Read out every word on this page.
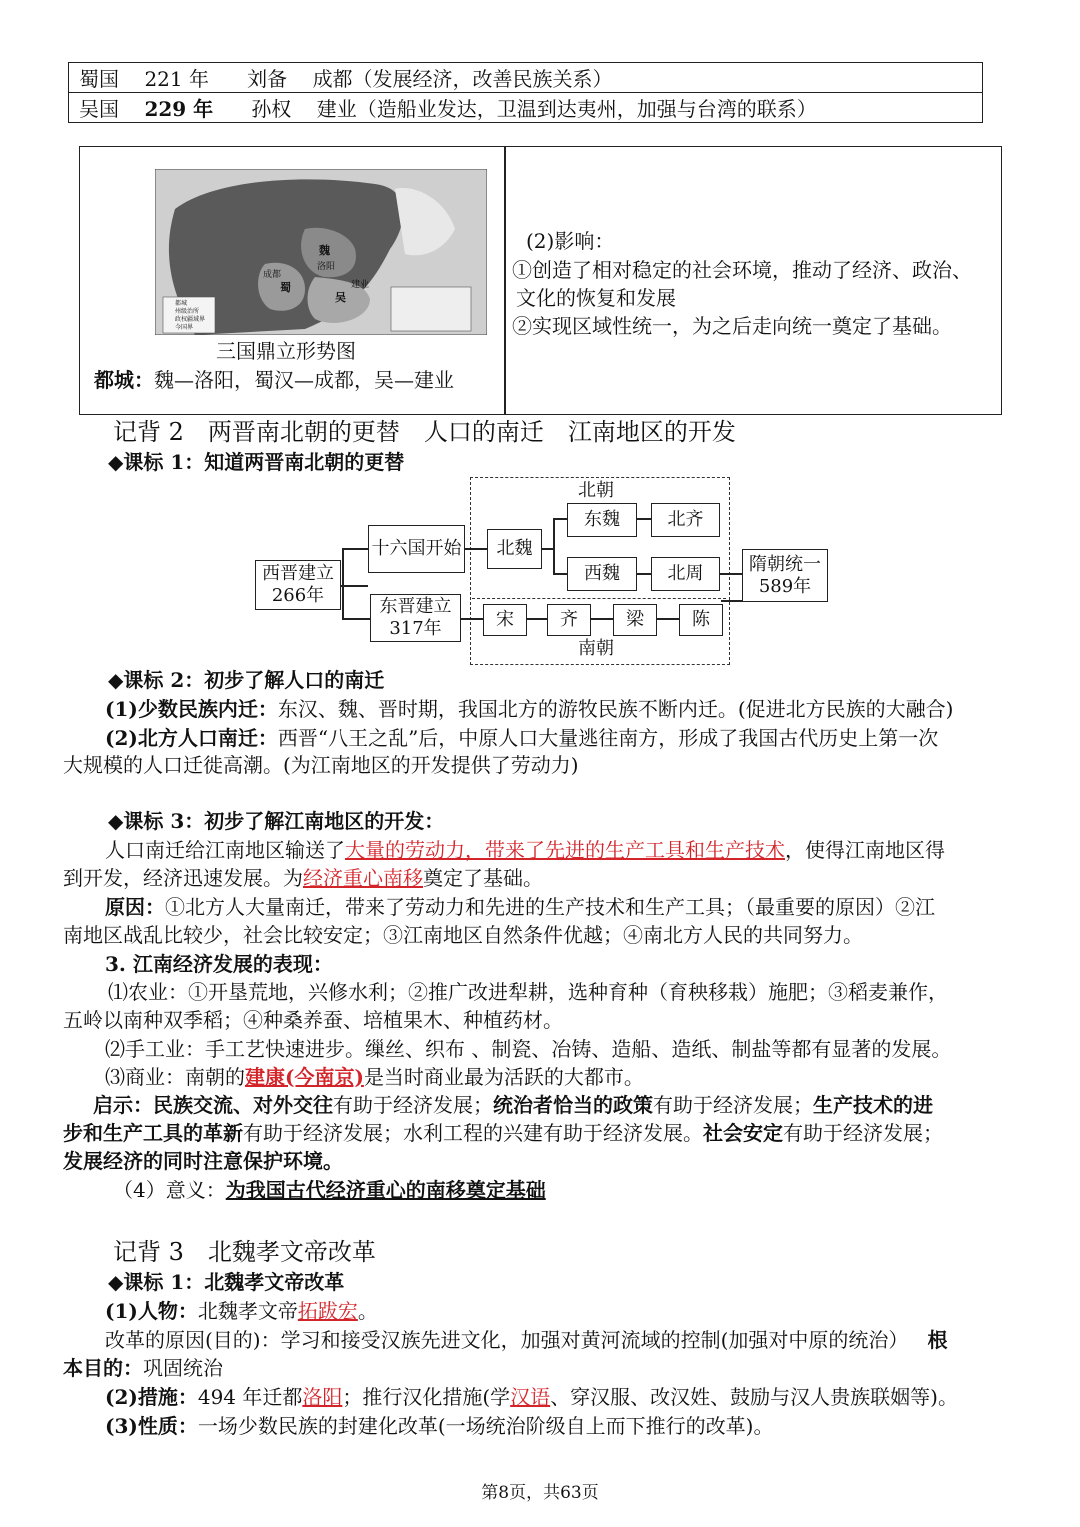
蜀国 221 年 刘备 成都（发展经济，改善民族关系）
吴国 229 年 孙权 建业（造船业发达，卫温到达夷州，加强与台湾的联系）
魏
洛阳
蜀
成都
吴
建业
都城
州级治所
政权疆域界
今国界
三国鼎立形势图
都城：魏—洛阳，蜀汉—成都，吴—建业
(2)影响：
①创造了相对稳定的社会环境，推动了经济、政治、
文化的恢复和发展
②实现区域性统一，为之后走向统一奠定了基础。
记背 2　两晋南北朝的更替　人口的南迁　江南地区的开发
◆课标 1：知道两晋南北朝的更替
北朝
南朝
西晋建立
266年
十六国开始	北魏
东魏	北齐
西魏	北周	隋朝统一
589年
东晋建立
317年	宋	齐	梁	陈
◆课标 2：初步了解人口的南迁
(1)少数民族内迁：东汉、魏、晋时期，我国北方的游牧民族不断内迁。(促进北方民族的大融合)
(2)北方人口南迁：西晋“八王之乱”后，中原人口大量逃往南方，形成了我国古代历史上第一次
大规模的人口迁徙高潮。(为江南地区的开发提供了劳动力)
◆课标 3：初步了解江南地区的开发：
人口南迁给江南地区输送了大量的劳动力，带来了先进的生产工具和生产技术，使得江南地区得
到开发，经济迅速发展。为经济重心南移奠定了基础。
原因：①北方人大量南迁，带来了劳动力和先进的生产技术和生产工具；（最重要的原因）②江
南地区战乱比较少，社会比较安定；③江南地区自然条件优越；④南北方人民的共同努力。
3. 江南经济发展的表现：
⑴农业：①开垦荒地，兴修水利；②推广改进犁耕，选种育种（育秧移栽）施肥；③稻麦兼作，
五岭以南种双季稻；④种桑养蚕、培植果木、种植药材。
⑵手工业：手工艺快速进步。缫丝、织布 、制瓷、冶铸、造船、造纸、制盐等都有显著的发展。
⑶商业：南朝的建康(今南京)是当时商业最为活跃的大都市。
启示：民族交流、对外交往有助于经济发展；统治者恰当的政策有助于经济发展；生产技术的进
步和生产工具的革新有助于经济发展；水利工程的兴建有助于经济发展。社会安定有助于经济发展；
发展经济的同时注意保护环境。
（4）意义：为我国古代经济重心的南移奠定基础
记背 3　北魏孝文帝改革
◆课标 1：北魏孝文帝改革
(1)人物：北魏孝文帝拓跋宏。
改革的原因(目的)：学习和接受汉族先进文化，加强对黄河流域的控制(加强对中原的统治） 根
本目的：巩固统治
(2)措施：494 年迁都洛阳；推行汉化措施(学汉语、穿汉服、改汉姓、鼓励与汉人贵族联姻等)。
(3)性质：一场少数民族的封建化改革(一场统治阶级自上而下推行的改革)。
第8页，共63页
